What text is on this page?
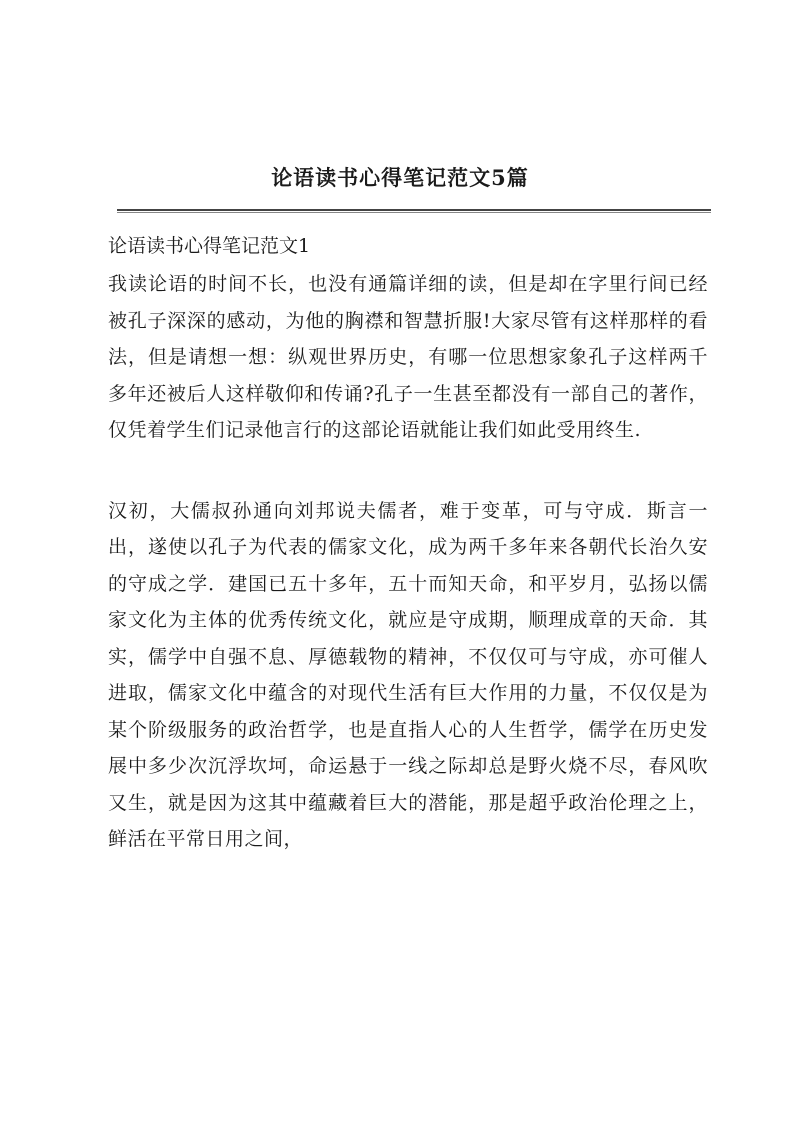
论语读书心得笔记范文5篇
论语读书心得笔记范文1

我读论语的时间不长，也没有通篇详细的读，但是却在字里行间已经被孔子深深的感动，为他的胸襟和智慧折服!大家尽管有这样那样的看法，但是请想一想：纵观世界历史，有哪一位思想家象孔子这样两千多年还被后人这样敬仰和传诵?孔子一生甚至都没有一部自己的著作，仅凭着学生们记录他言行的这部论语就能让我们如此受用终生.

汉初，大儒叔孙通向刘邦说夫儒者，难于变革，可与守成．斯言一出，遂使以孔子为代表的儒家文化，成为两千多年来各朝代长治久安的守成之学．建国已五十多年，五十而知天命，和平岁月，弘扬以儒家文化为主体的优秀传统文化，就应是守成期，顺理成章的天命．其实，儒学中自强不息、厚德载物的精神，不仅仅可与守成，亦可催人进取，儒家文化中蕴含的对现代生活有巨大作用的力量，不仅仅是为某个阶级服务的政治哲学，也是直指人心的人生哲学，儒学在历史发展中多少次沉浮坎坷，命运悬于一线之际却总是野火烧不尽，春风吹又生，就是因为这其中蕴藏着巨大的潜能，那是超乎政治伦理之上，鲜活在平常日用之间，
